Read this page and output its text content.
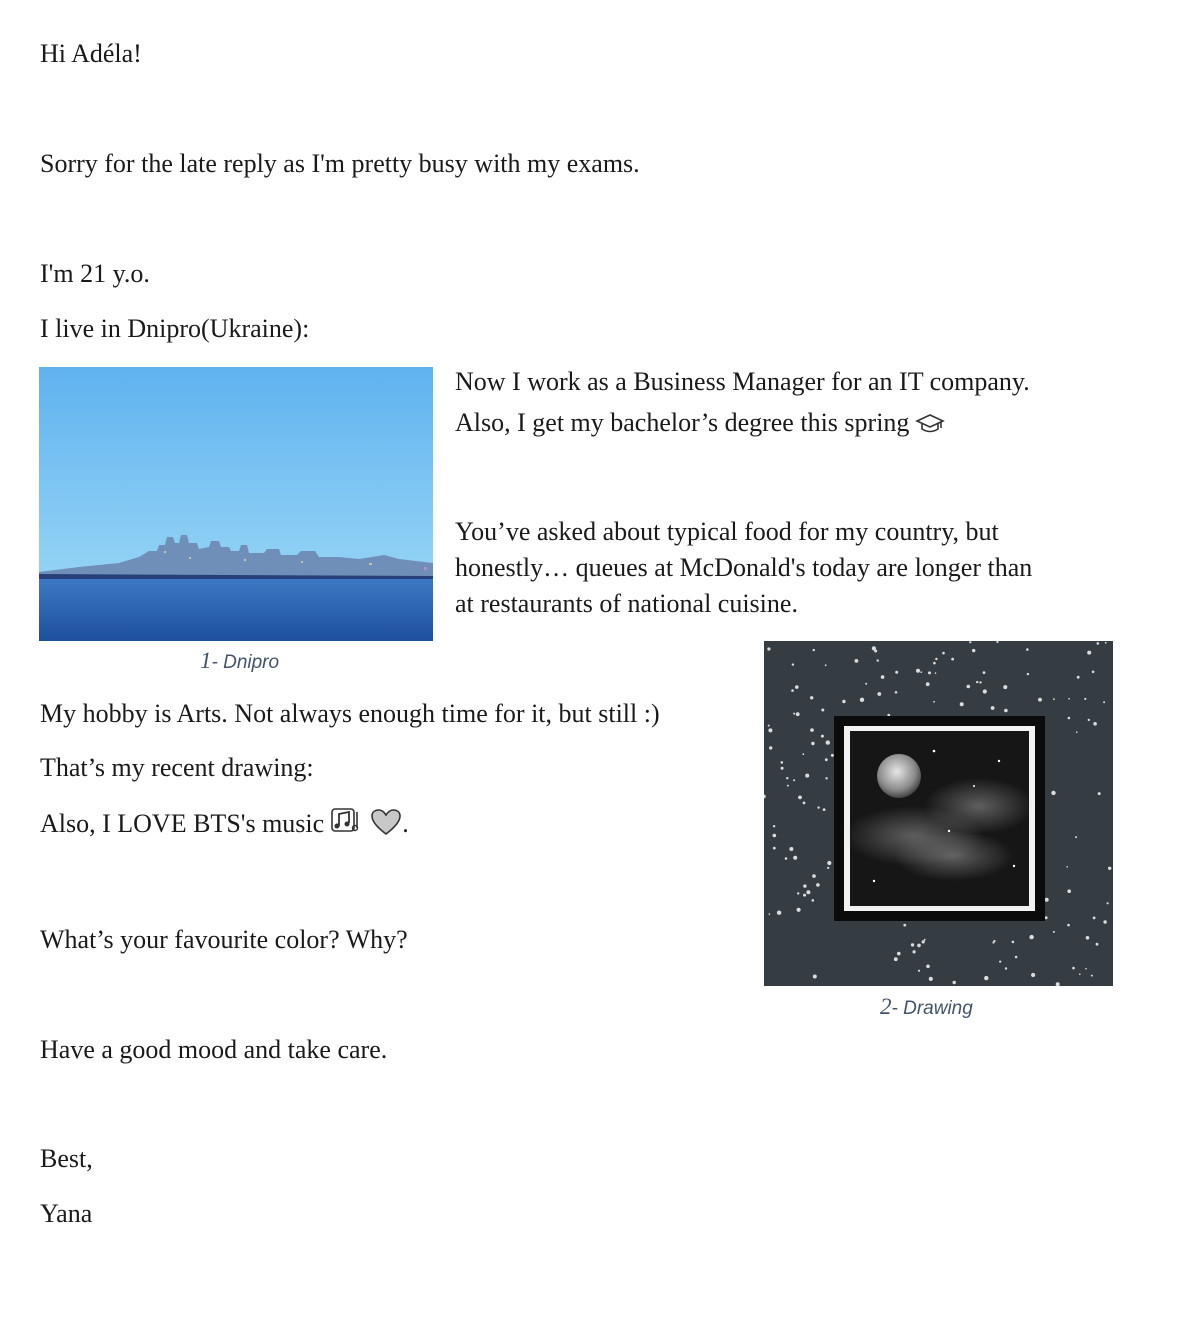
Hi Adéla!

Sorry for the late reply as I'm pretty busy with my exams.

I'm 21 y.o.

I live in Dnipro(Ukraine):

1- Dnipro

Now I work as a Business Manager for an IT company.

Also, I get my bachelor’s degree this spring

You’ve asked about typical food for my country, but

honestly… queues at McDonald's today are longer than

at restaurants of national cuisine.

2- Drawing

My hobby is Arts. Not always enough time for it, but still :)

That’s my recent drawing:

Also, I LOVE BTS's music	.

What’s your favourite color? Why?

Have a good mood and take care.

Best,

Yana
